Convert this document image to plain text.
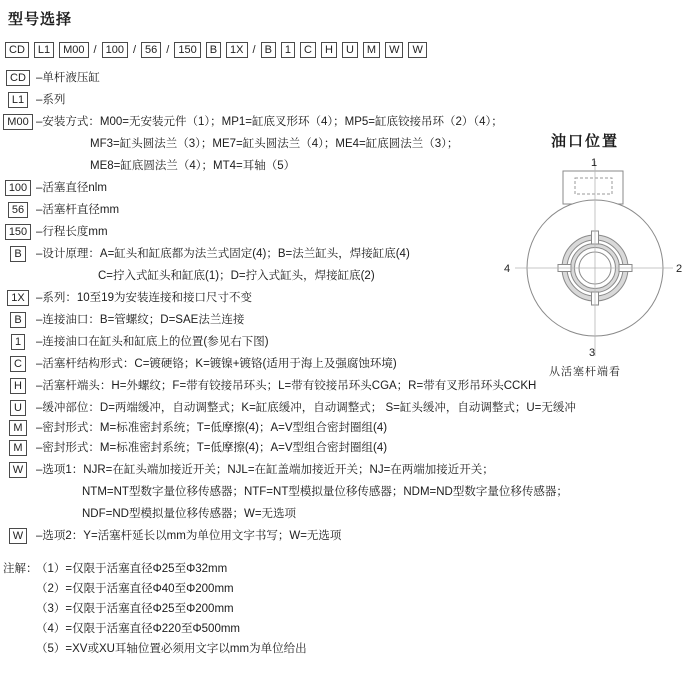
型号选择
CD	L1	M00 / 100 / 56 / 150	B	1X / B	1	C	H	U	M	W	W
CD –单杆液压缸
L1	–系列
M00 –安装方式：M00=无安装元件（1）；MP1=缸底叉形环（4）；MP5=缸底铰接吊环（2）（4）；
MF3=缸头圆法兰（3）；ME7=缸头圆法兰（4）；ME4=缸底圆法兰（3）；
ME8=缸底圆法兰（4）；MT4=耳轴（5）
100 –活塞直径nlm
56	–活塞杆直径mm
150 –行程长度mm
B	–设计原理：A=缸头和缸底都为法兰式固定(4)；B=法兰缸头，焊接缸底(4)
C=拧入式缸头和缸底(1)；D=拧入式缸头，焊接缸底(2)
1X –系列：10至19为安装连接和接口尺寸不变
B	–连接油口：B=管螺纹；D=SAE法兰连接
1	–连接油口在缸头和缸底上的位置(参见右下图)
C	–活塞杆结构形式：C=镀硬铬；K=镀镍+镀铬(适用于海上及强腐蚀环境)
H	–活塞杆端头：H=外螺纹；F=带有铰接吊环头；L=带有铰接吊环头CGA；R=带有叉形吊环头CCKH
U	–缓冲部位：D=两端缓冲，自动调整式；K=缸底缓冲，自动调整式； S=缸头缓冲，自动调整式；U=无缓冲
M	–密封形式：M=标准密封系统；T=低摩擦(4)；A=V型组合密封圈组(4)
M	–密封形式：M=标准密封系统；T=低摩擦(4)；A=V型组合密封圈组(4)
W	–选项1：NJR=在缸头端加接近开关；NJL=在缸盖端加接近开关；NJ=在两端加接近开关；
NTM=NT型数字量位移传感器；NTF=NT型模拟量位移传感器；NDM=ND型数字量位移传感器；
NDF=ND型模拟量位移传感器；W=无选项
W	–选项2：Y=活塞杆延长以mm为单位用文字书写；W=无选项
注解：
（1）=仅限于活塞直径Φ25至Φ32mm
（2）=仅限于活塞直径Φ40至Φ200mm
（3）=仅限于活塞直径Φ25至Φ200mm
（4）=仅限于活塞直径Φ220至Φ500mm
（5）=XV或XU耳轴位置必须用文字以mm为单位给出
油口位置
1
2
3
4
从活塞杆端看
